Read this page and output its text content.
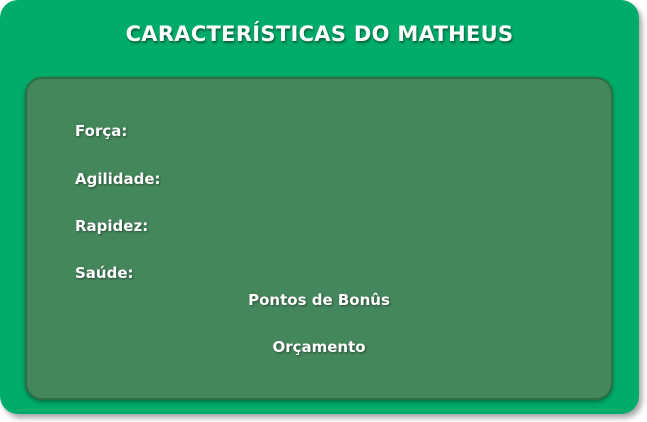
CARACTERÍSTICAS DO MATHEUS
Força:
Agilidade:
Rapidez:
Saúde:
Pontos de Bonûs
Orçamento
